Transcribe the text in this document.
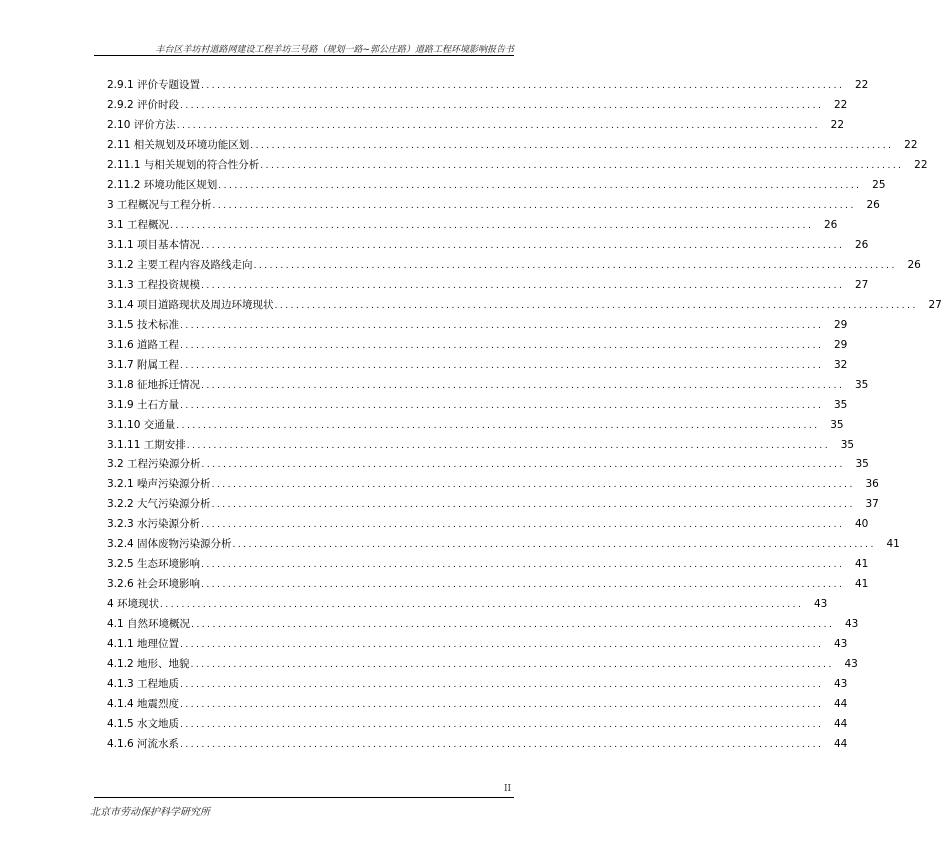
丰台区羊坊村道路网建设工程羊坊三号路（规划一路~郭公庄路）道路工程环境影响报告书
2.9.1 评价专题设置 ........................................................................................................................	22
2.9.2 评价时段 ........................................................................................................................	22
2.10 评价方法 ........................................................................................................................	22
2.11 相关规划及环境功能区划 ........................................................................................................................	22
2.11.1 与相关规划的符合性分析 ........................................................................................................................	22
2.11.2 环境功能区规划 ........................................................................................................................	25
3 工程概况与工程分析 ........................................................................................................................	26
3.1 工程概况 ........................................................................................................................	26
3.1.1 项目基本情况 ........................................................................................................................	26
3.1.2 主要工程内容及路线走向 ........................................................................................................................	26
3.1.3 工程投资规模 ........................................................................................................................	27
3.1.4 项目道路现状及周边环境现状 ........................................................................................................................	27
3.1.5 技术标准 ........................................................................................................................	29
3.1.6 道路工程 ........................................................................................................................	29
3.1.7 附属工程 ........................................................................................................................	32
3.1.8 征地拆迁情况 ........................................................................................................................	35
3.1.9 土石方量 ........................................................................................................................	35
3.1.10 交通量 ........................................................................................................................	35
3.1.11 工期安排 ........................................................................................................................	35
3.2 工程污染源分析 ........................................................................................................................	35
3.2.1 噪声污染源分析 ........................................................................................................................	36
3.2.2 大气污染源分析 ........................................................................................................................	37
3.2.3 水污染源分析 ........................................................................................................................	40
3.2.4 固体废物污染源分析 ........................................................................................................................	41
3.2.5 生态环境影响 ........................................................................................................................	41
3.2.6 社会环境影响 ........................................................................................................................	41
4 环境现状 ........................................................................................................................	43
4.1 自然环境概况 ........................................................................................................................	43
4.1.1 地理位置 ........................................................................................................................	43
4.1.2 地形、地貌 ........................................................................................................................	43
4.1.3 工程地质 ........................................................................................................................	43
4.1.4 地震烈度 ........................................................................................................................	44
4.1.5 水文地质 ........................................................................................................................	44
4.1.6 河流水系 ........................................................................................................................	44
II
北京市劳动保护科学研究所
